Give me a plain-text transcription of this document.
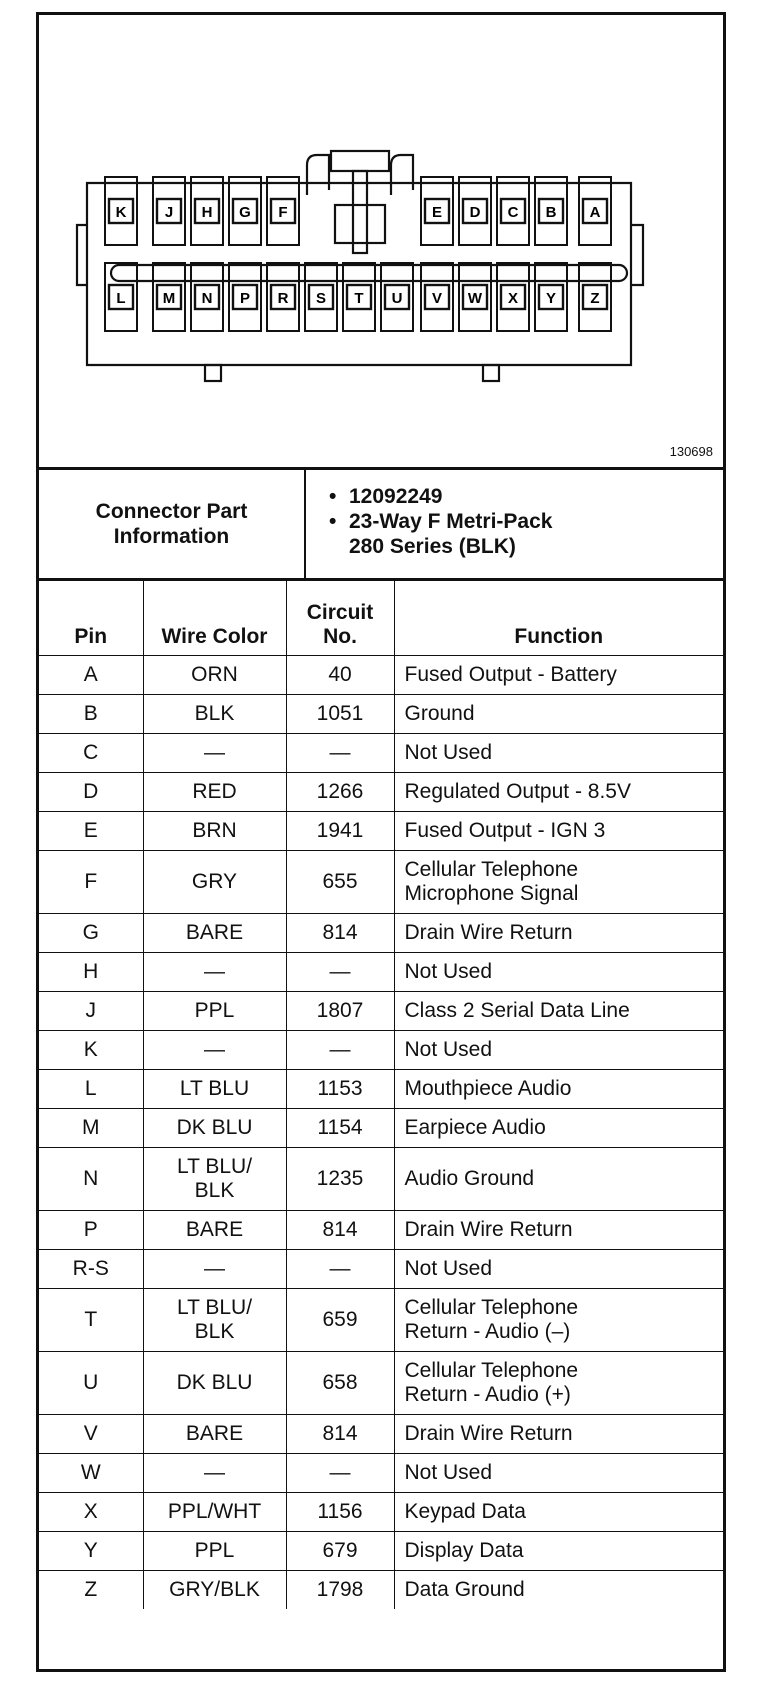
K	J H G F	E D C B A
L M N P R S T U V W X Y Z
130698
Connector Part
Information
• 12092249
• 23-Way F Metri-Pack
280 Series (BLK)
Pin	Wire Color	Circuit
No.	Function
A	ORN	40	Fused Output - Battery

B	BLK	1051	Ground

C	—	—	Not Used

D	RED	1266	Regulated Output - 8.5V

E	BRN	1941	Fused Output - IGN 3

F	GRY	655	Cellular Telephone
Microphone Signal

G	BARE	814	Drain Wire Return

H	—	—	Not Used

J	PPL	1807	Class 2 Serial Data Line

K	—	—	Not Used

L	LT BLU	1153	Mouthpiece Audio

M	DK BLU	1154	Earpiece Audio

N	LT BLU/
BLK	1235	Audio Ground

P	BARE	814	Drain Wire Return

R-S	—	—	Not Used

T	LT BLU/
BLK	659	Cellular Telephone
Return - Audio (–)

U	DK BLU	658	Cellular Telephone
Return - Audio (+)

V	BARE	814	Drain Wire Return

W	—	—	Not Used

X	PPL/WHT	1156	Keypad Data

Y	PPL	679	Display Data

Z	GRY/BLK	1798	Data Ground
